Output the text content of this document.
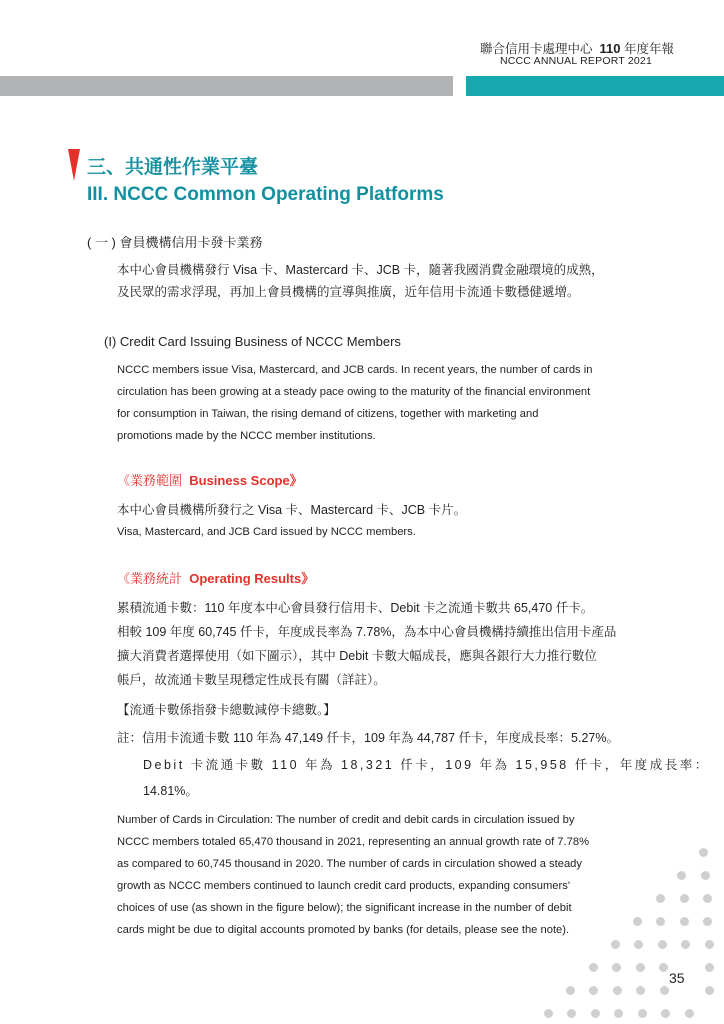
聯合信用卡處理中心 110 年度年報
NCCC ANNUAL REPORT 2021
三、共通性作業平臺
III. NCCC Common Operating Platforms
( 一 ) 會員機構信用卡發卡業務
本中心會員機構發行 Visa 卡、Mastercard 卡、JCB 卡，隨著我國消費金融環境的成熟，
及民眾的需求浮現，再加上會員機構的宣導與推廣，近年信用卡流通卡數穩健遞增。
(I) Credit Card Issuing Business of NCCC Members
NCCC members issue Visa, Mastercard, and JCB cards. In recent years, the number of cards in
circulation has been growing at a steady pace owing to the maturity of the financial environment
for consumption in Taiwan, the rising demand of citizens, together with marketing and
promotions made by the NCCC member institutions.
《業務範圍 Business Scope》
本中心會員機構所發行之 Visa 卡、Mastercard 卡、JCB 卡片。
Visa, Mastercard, and JCB Card issued by NCCC members.
《業務統計 Operating Results》
累積流通卡數：110 年度本中心會員發行信用卡、Debit 卡之流通卡數共 65,470 仟卡。
相較 109 年度 60,745 仟卡，年度成長率為 7.78%，為本中心會員機構持續推出信用卡產品
擴大消費者選擇使用（如下圖示），其中 Debit 卡數大幅成長，應與各銀行大力推行數位
帳戶，故流通卡數呈現穩定性成長有關（詳註）。
【流通卡數係指發卡總數減停卡總數。】
註：信用卡流通卡數 110 年為 47,149 仟卡，109 年為 44,787 仟卡，年度成長率：5.27%。
Debit 卡流通卡數 110 年為 18,321 仟卡，109 年為 15,958 仟卡，年度成長率：
14.81%。
Number of Cards in Circulation: The number of credit and debit cards in circulation issued by
NCCC members totaled 65,470 thousand in 2021, representing an annual growth rate of 7.78%
as compared to 60,745 thousand in 2020. The number of cards in circulation showed a steady
growth as NCCC members continued to launch credit card products, expanding consumers'
choices of use (as shown in the figure below); the significant increase in the number of debit
cards might be due to digital accounts promoted by banks (for details, please see the note).
35
